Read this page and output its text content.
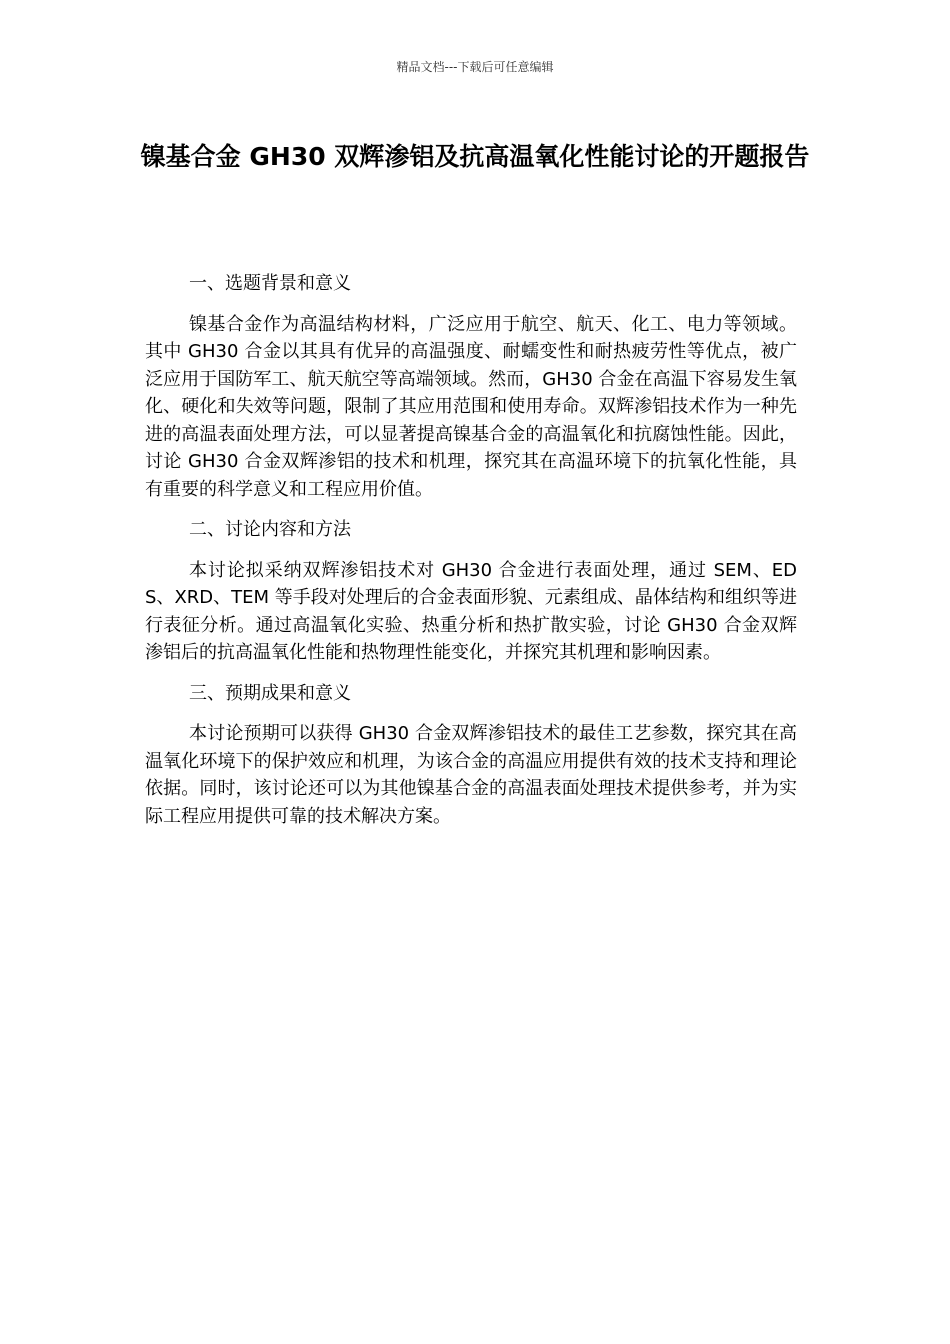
精品文档---下载后可任意编辑
镍基合金 GH30 双辉渗铝及抗高温氧化性能讨论的开题报告

一、选题背景和意义

镍基合金作为高温结构材料，广泛应用于航空、航天、化工、电力等领域。其中 GH30 合金以其具有优异的高温强度、耐蠕变性和耐热疲劳性等优点，被广泛应用于国防军工、航天航空等高端领域。然而，GH30 合金在高温下容易发生氧化、硬化和失效等问题，限制了其应用范围和使用寿命。双辉渗铝技术作为一种先进的高温表面处理方法，可以显著提高镍基合金的高温氧化和抗腐蚀性能。因此，讨论 GH30 合金双辉渗铝的技术和机理，探究其在高温环境下的抗氧化性能，具有重要的科学意义和工程应用价值。

二、讨论内容和方法

本讨论拟采纳双辉渗铝技术对 GH30 合金进行表面处理，通过 SEM、EDS、XRD、TEM 等手段对处理后的合金表面形貌、元素组成、晶体结构和组织等进行表征分析。通过高温氧化实验、热重分析和热扩散实验，讨论 GH30 合金双辉渗铝后的抗高温氧化性能和热物理性能变化，并探究其机理和影响因素。

三、预期成果和意义

本讨论预期可以获得 GH30 合金双辉渗铝技术的最佳工艺参数，探究其在高温氧化环境下的保护效应和机理，为该合金的高温应用提供有效的技术支持和理论依据。同时，该讨论还可以为其他镍基合金的高温表面处理技术提供参考，并为实际工程应用提供可靠的技术解决方案。
